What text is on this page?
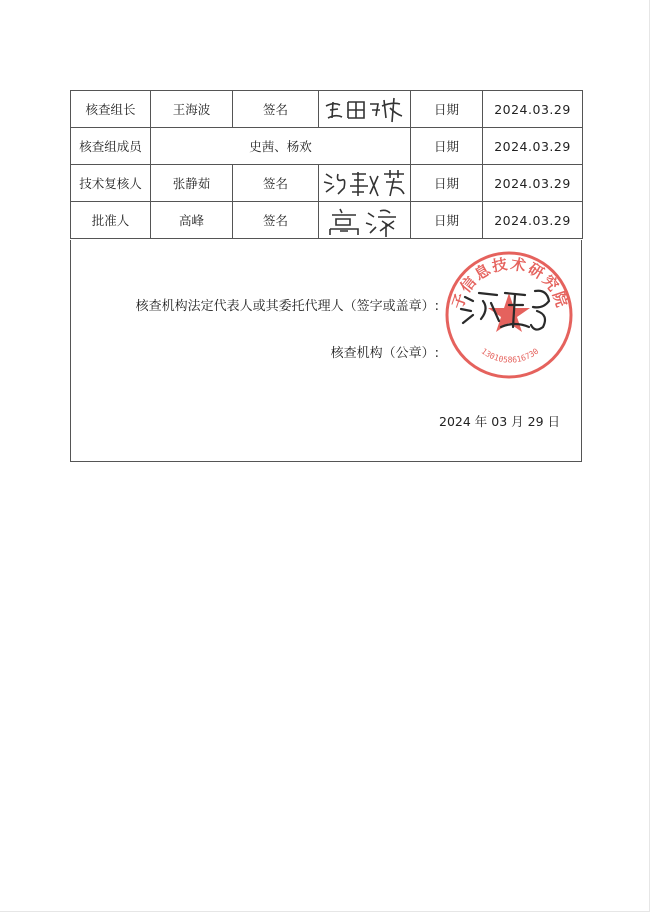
核查组长	王海波	签名		日期	2024.03.29
核查组成员	史茜、杨欢			日期	2024.03.29
技术复核人	张静茹	签名		日期	2024.03.29
批准人	高峰	签名		日期	2024.03.29
核查机构法定代表人或其委托代理人（签字或盖章）:
核查机构（公章）:
2024 年 03 月 29 日
子信息技术研究院
1301058616730
